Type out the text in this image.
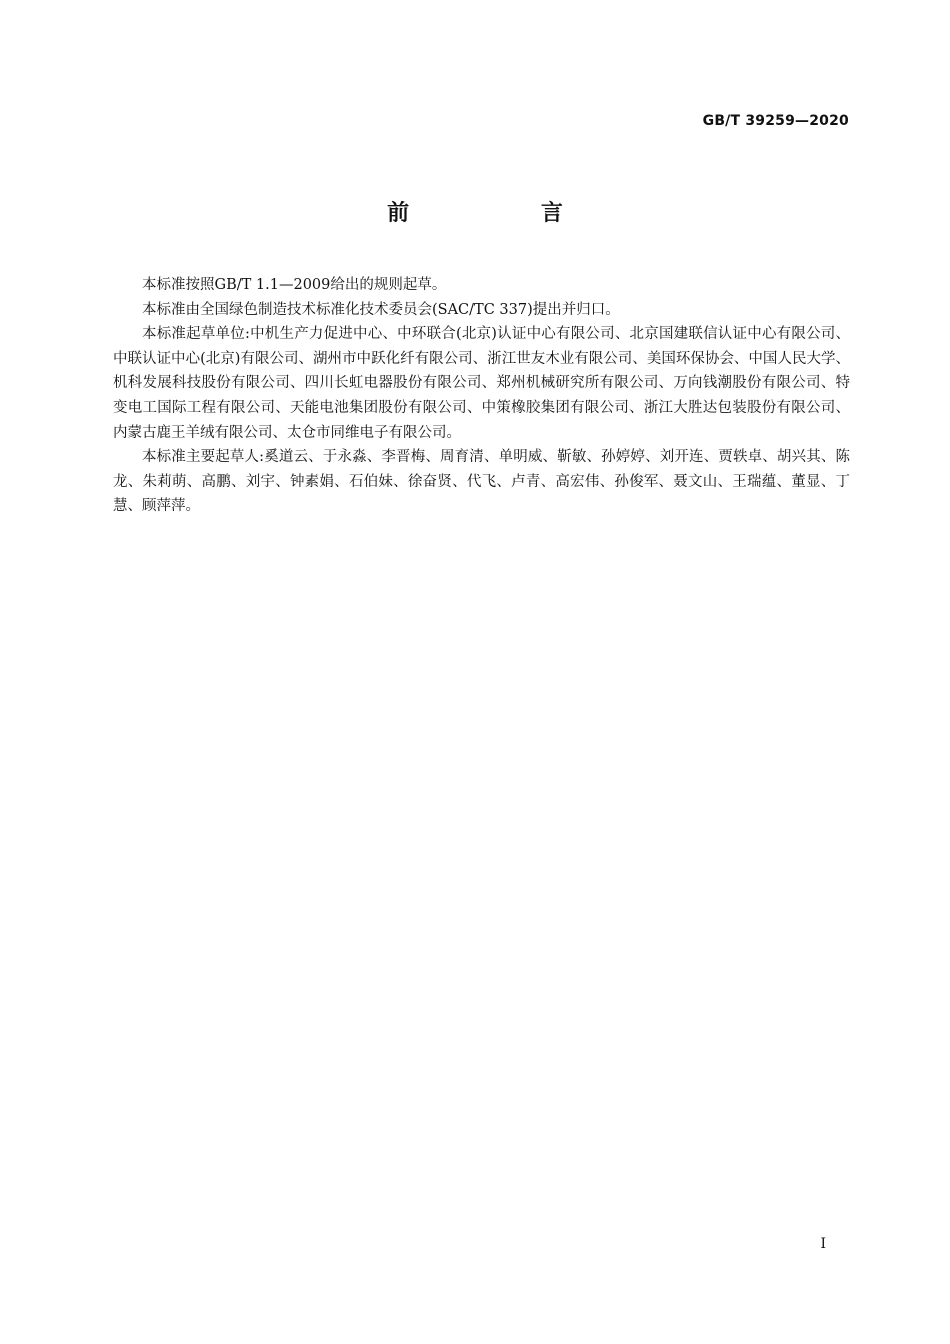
GB/T 39259—2020
前 言

本标准按照GB/T 1.1—2009给出的规则起草。

本标准由全国绿色制造技术标准化技术委员会(SAC/TC 337)提出并归口。

本标准起草单位:中机生产力促进中心、中环联合(北京)认证中心有限公司、北京国建联信认证中心有限公司、中联认证中心(北京)有限公司、湖州市中跃化纤有限公司、浙江世友木业有限公司、美国环保协会、中国人民大学、机科发展科技股份有限公司、四川长虹电器股份有限公司、郑州机械研究所有限公司、万向钱潮股份有限公司、特变电工国际工程有限公司、天能电池集团股份有限公司、中策橡胶集团有限公司、浙江大胜达包装股份有限公司、内蒙古鹿王羊绒有限公司、太仓市同维电子有限公司。

本标准主要起草人:奚道云、于永淼、李晋梅、周育清、单明威、靳敏、孙婷婷、刘开连、贾轶卓、胡兴其、陈龙、朱莉萌、高鹏、刘宇、钟素娟、石伯妹、徐奋贤、代飞、卢青、高宏伟、孙俊军、聂文山、王瑞蕴、董显、丁慧、顾萍萍。

I
